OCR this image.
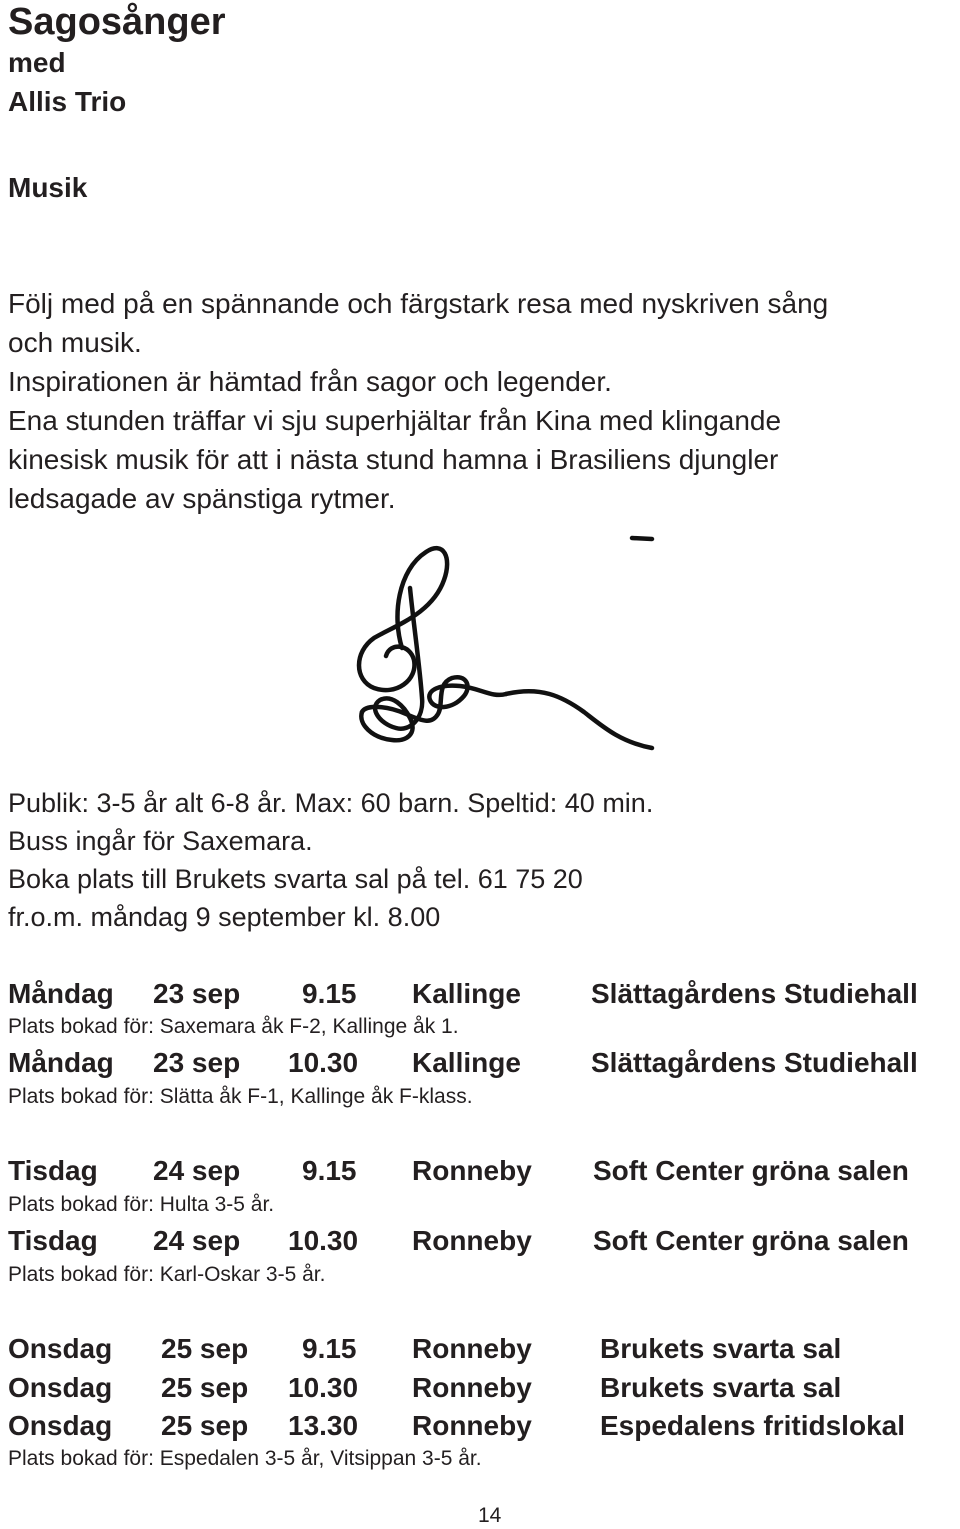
Sagosånger
med
Allis Trio
Musik
Följ med på en spännande och färgstark resa med nyskriven sång
och musik.
Inspirationen är hämtad från sagor och legender.
Ena stunden träffar vi sju superhjältar från Kina med klingande
kinesisk musik för att i nästa stund hamna i Brasiliens djungler
ledsagade av spänstiga rytmer.
Publik: 3-5 år alt 6-8 år. Max: 60 barn. Speltid: 40 min.
Buss ingår för Saxemara.
Boka plats till Brukets svarta sal på tel. 61 75 20
fr.o.m. måndag 9 september kl. 8.00
Måndag 23 sep 9.15 Kallinge	Slättagårdens Studiehall
Plats bokad för: Saxemara åk F-2, Kallinge åk 1.
Måndag 23 sep 10.30 Kallinge	Slättagårdens Studiehall
Plats bokad för: Slätta åk F-1, Kallinge åk F-klass.
Tisdag 24 sep 9.15 Ronneby Soft Center gröna salen
Plats bokad för: Hulta 3-5 år.
Tisdag 24 sep 10.30 Ronneby Soft Center gröna salen
Plats bokad för: Karl-Oskar 3-5 år.
Onsdag 25 sep 9.15 Ronneby Brukets svarta sal
Onsdag 25 sep 10.30 Ronneby Brukets svarta sal
Onsdag 25 sep 13.30 Ronneby Espedalens fritidslokal
Plats bokad för: Espedalen 3-5 år, Vitsippan 3-5 år.
14
